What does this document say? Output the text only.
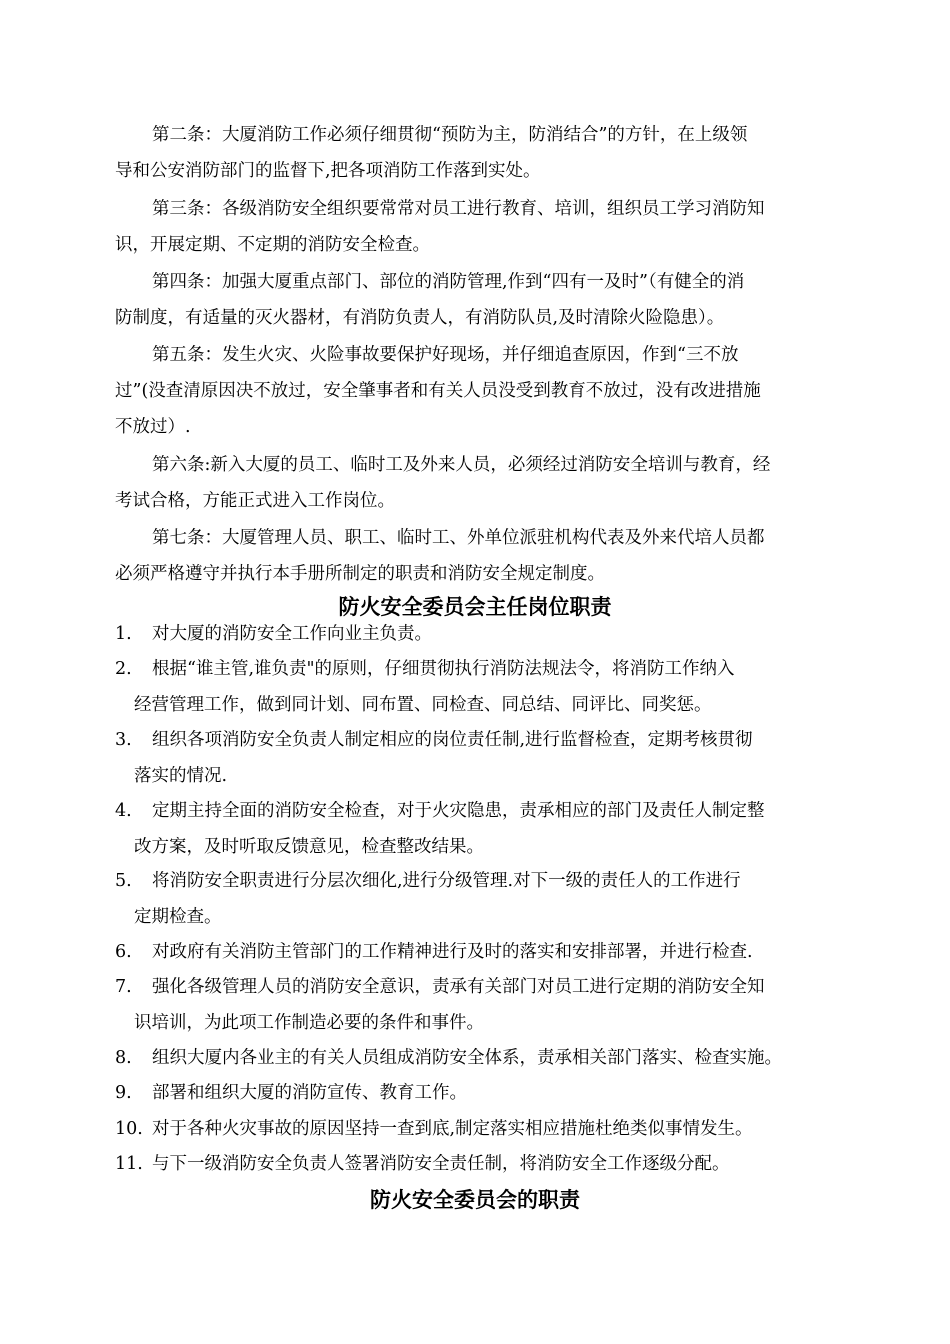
第二条：大厦消防工作必须仔细贯彻“预防为主，防消结合”的方针，在上级领
导和公安消防部门的监督下,把各项消防工作落到实处。
第三条：各级消防安全组织要常常对员工进行教育、培训，组织员工学习消防知
识，开展定期、不定期的消防安全检查。
第四条：加强大厦重点部门、部位的消防管理,作到“四有一及时”（有健全的消
防制度，有适量的灭火器材，有消防负责人，有消防队员,及时清除火险隐患）。
第五条：发生火灾、火险事故要保护好现场，并仔细追查原因，作到“三不放
过”(没查清原因决不放过，安全肇事者和有关人员没受到教育不放过，没有改进措施
不放过）.
第六条:新入大厦的员工、临时工及外来人员，必须经过消防安全培训与教育，经
考试合格，方能正式进入工作岗位。
第七条：大厦管理人员、职工、临时工、外单位派驻机构代表及外来代培人员都
必须严格遵守并执行本手册所制定的职责和消防安全规定制度。
防火安全委员会主任岗位职责
1.	对大厦的消防安全工作向业主负责。
2.	根据“谁主管,谁负责"的原则，仔细贯彻执行消防法规法令，将消防工作纳入
经营管理工作，做到同计划、同布置、同检查、同总结、同评比、同奖惩。
3.	组织各项消防安全负责人制定相应的岗位责任制,进行监督检查，定期考核贯彻
落实的情况.
4.	定期主持全面的消防安全检查，对于火灾隐患，责承相应的部门及责任人制定整
改方案，及时听取反馈意见，检查整改结果。
5.	将消防安全职责进行分层次细化,进行分级管理.对下一级的责任人的工作进行
定期检查。
6.	对政府有关消防主管部门的工作精神进行及时的落实和安排部署，并进行检查.
7.	强化各级管理人员的消防安全意识，责承有关部门对员工进行定期的消防安全知
识培训，为此项工作制造必要的条件和事件。
8.	组织大厦内各业主的有关人员组成消防安全体系，责承相关部门落实、检查实施。
9.	部署和组织大厦的消防宣传、教育工作。
10. 对于各种火灾事故的原因坚持一查到底,制定落实相应措施杜绝类似事情发生。
11. 与下一级消防安全负责人签署消防安全责任制，将消防安全工作逐级分配。
防火安全委员会的职责
